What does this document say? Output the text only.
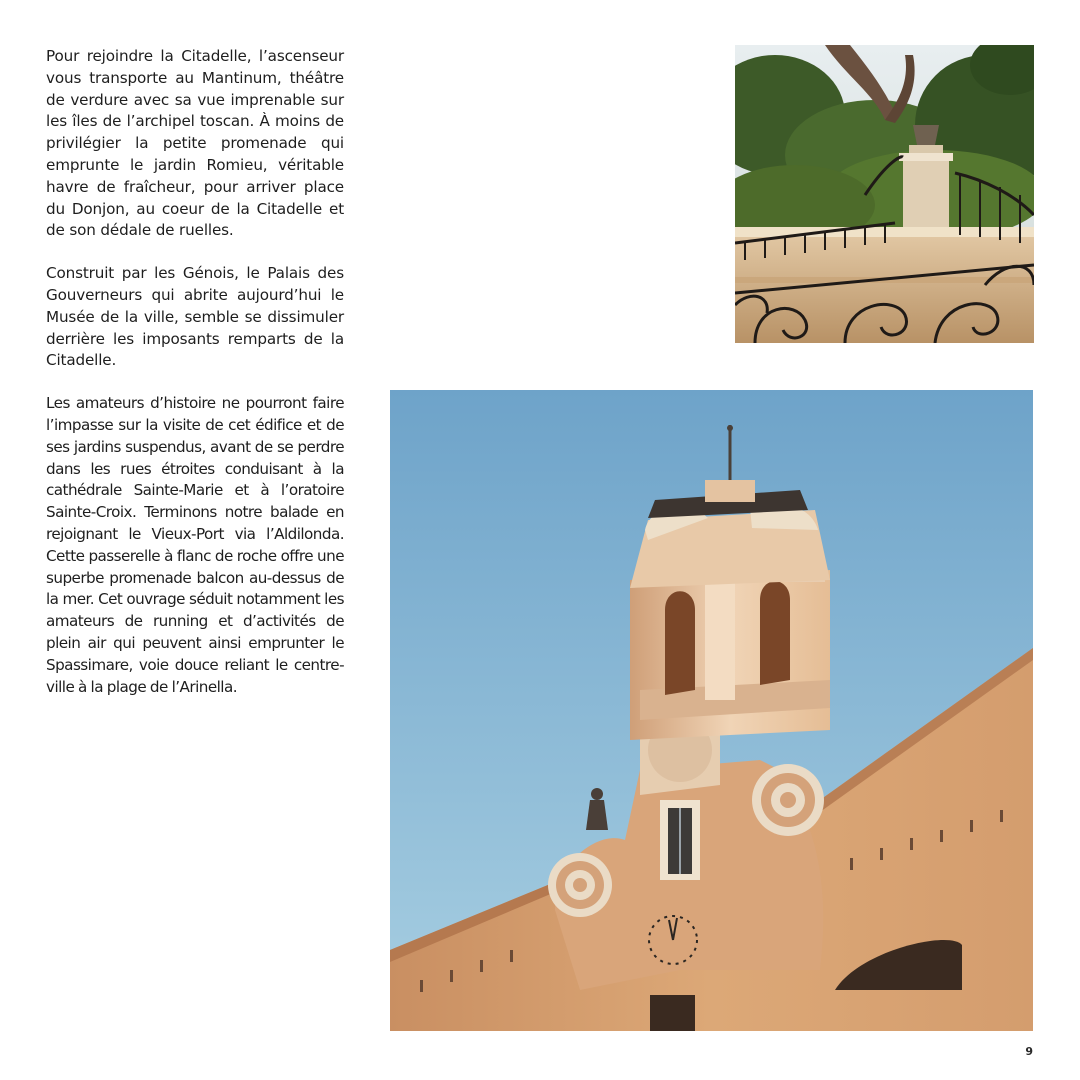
Pour rejoindre la Citadelle, l’ascenseur vous transporte au Mantinum, théâtre de verdure avec sa vue imprenable sur les îles de l’archipel toscan. À moins de privilégier la petite promenade qui emprunte le jardin Romieu, véritable havre de fraîcheur, pour arriver place du Donjon, au coeur de la Citadelle et de son dédale de ruelles.

Construit par les Génois, le Palais des Gouverneurs qui abrite aujourd’hui le Musée de la ville, semble se dissimuler derrière les imposants remparts de la Citadelle.

Les amateurs d’histoire ne pourront faire l’impasse sur la visite de cet édifice et de ses jardins suspendus, avant de se perdre dans les rues étroites conduisant à la cathédrale Sainte-Marie et à l’oratoire Sainte-Croix. Terminons notre balade en rejoignant le Vieux-Port via l’Aldilonda. Cette passerelle à flanc de roche offre une superbe promenade balcon au-dessus de la mer. Cet ouvrage séduit notamment les amateurs de running et d’activités de plein air qui peuvent ainsi emprunter le Spassimare, voie douce reliant le centre-ville à la plage de l’Arinella.

9
